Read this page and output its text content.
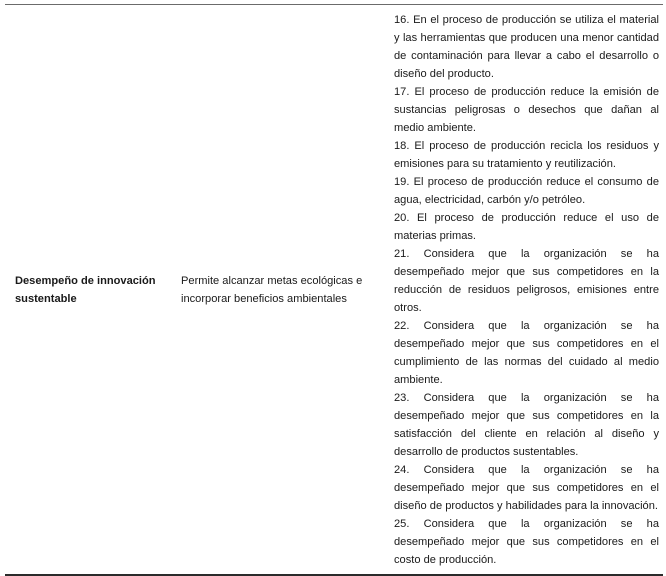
Desempeño de innovación sustentable	Permite alcanzar metas ecológicas e incorporar beneficios ambientales	
16. En el proceso de producción se utiliza el material y las herramientas que producen una menor cantidad de contaminación para llevar a cabo el desarrollo o diseño del producto.
17. El proceso de producción reduce la emisión de sustancias peligrosas o desechos que dañan al medio ambiente.
18. El proceso de producción recicla los residuos y emisiones para su tratamiento y reutilización.
19. El proceso de producción reduce el consumo de agua, electricidad, carbón y/o petróleo.
20. El proceso de producción reduce el uso de materias primas.
21. Considera que la organización se ha desempeñado mejor que sus competidores en la reducción de residuos peligrosos, emisiones entre otros.
22. Considera que la organización se ha desempeñado mejor que sus competidores en el cumplimiento de las normas del cuidado al medio ambiente.
23. Considera que la organización se ha desempeñado mejor que sus competidores en la satisfacción del cliente en relación al diseño y desarrollo de productos sustentables.
24. Considera que la organización se ha desempeñado mejor que sus competidores en el diseño de productos y habilidades para la innovación.
25. Considera que la organización se ha desempeñado mejor que sus competidores en el costo de producción.
